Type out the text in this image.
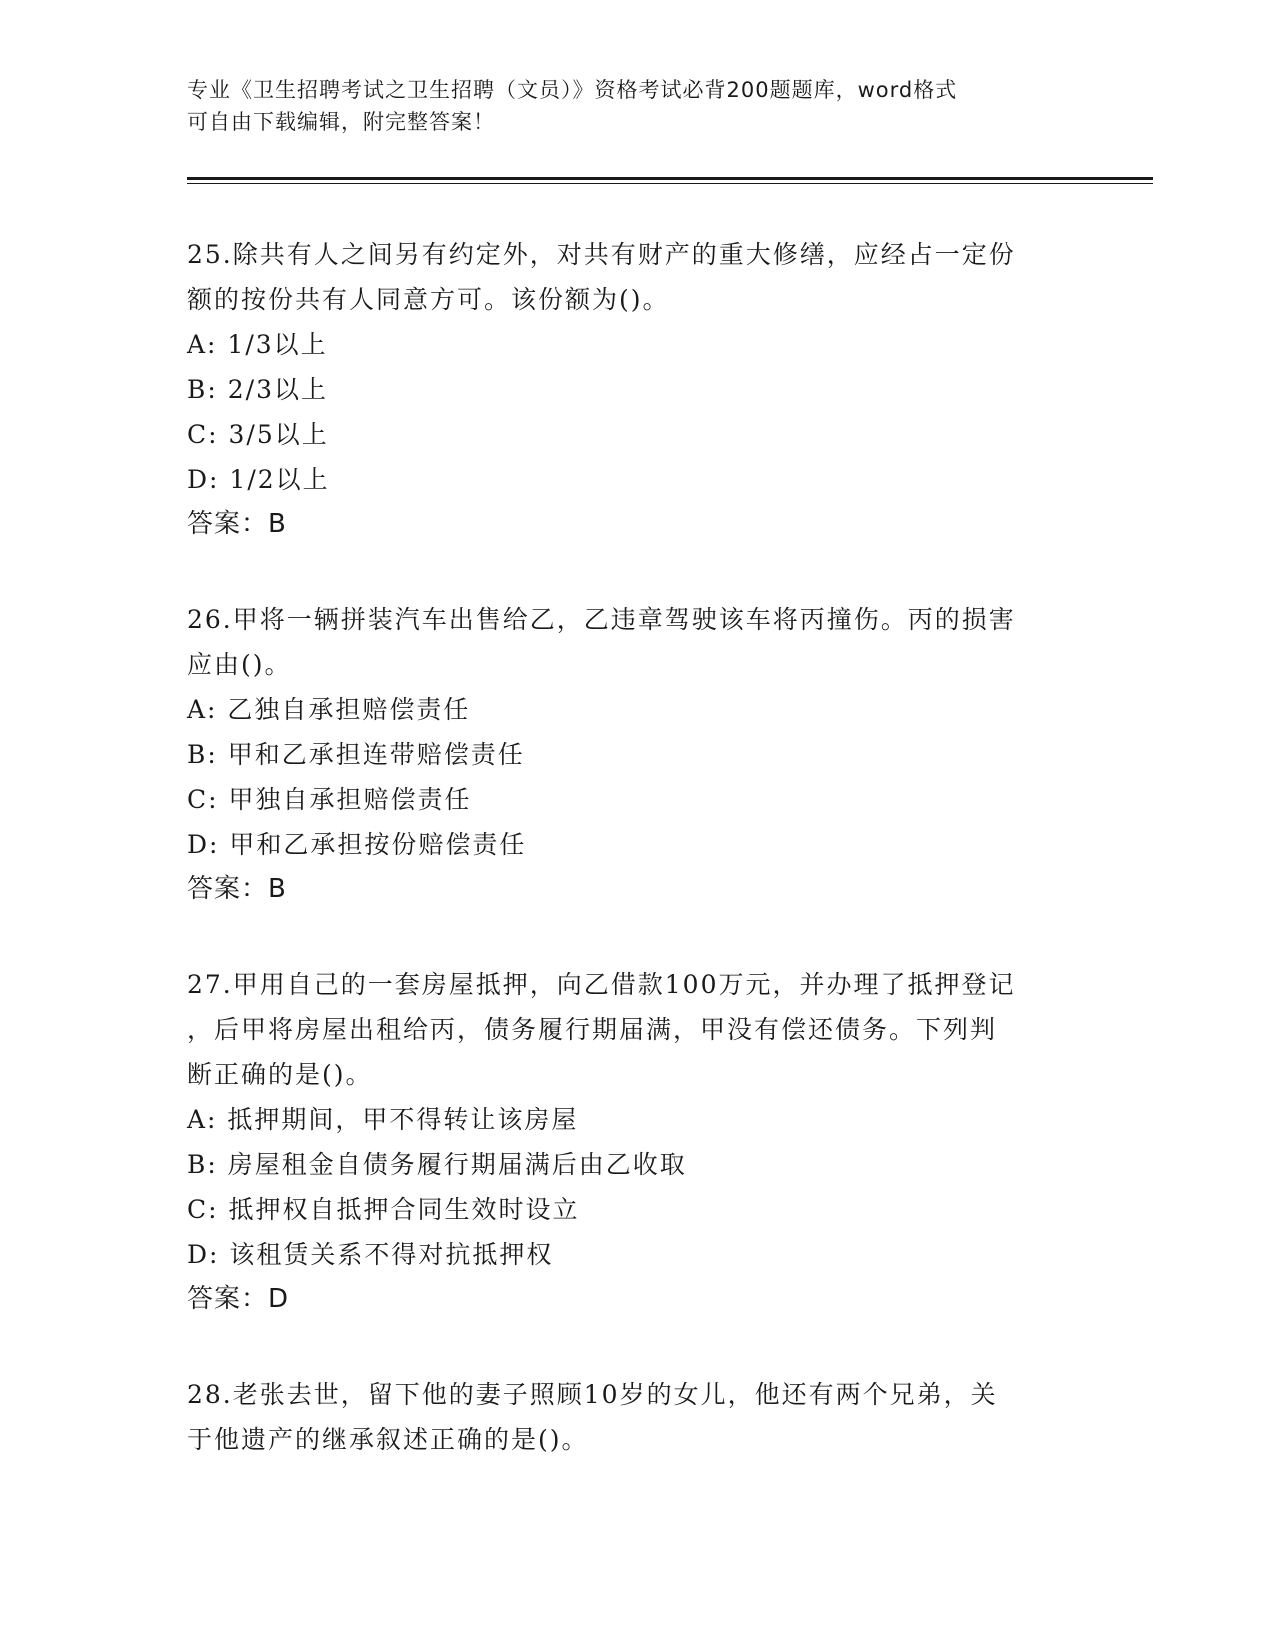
专业《卫生招聘考试之卫生招聘（文员）》资格考试必背200题题库，word格式
可自由下载编辑，附完整答案！
25.除共有人之间另有约定外，对共有财产的重大修缮，应经占一定份
额的按份共有人同意方可。该份额为()。
A: 1/3以上
B: 2/3以上
C: 3/5以上
D: 1/2以上
答案：B
26.甲将一辆拼装汽车出售给乙，乙违章驾驶该车将丙撞伤。丙的损害
应由()。
A: 乙独自承担赔偿责任
B: 甲和乙承担连带赔偿责任
C: 甲独自承担赔偿责任
D: 甲和乙承担按份赔偿责任
答案：B
27.甲用自己的一套房屋抵押，向乙借款100万元，并办理了抵押登记
，后甲将房屋出租给丙，债务履行期届满，甲没有偿还债务。下列判
断正确的是()。
A: 抵押期间，甲不得转让该房屋
B: 房屋租金自债务履行期届满后由乙收取
C: 抵押权自抵押合同生效时设立
D: 该租赁关系不得对抗抵押权
答案：D
28.老张去世，留下他的妻子照顾10岁的女儿，他还有两个兄弟，关
于他遗产的继承叙述正确的是()。
